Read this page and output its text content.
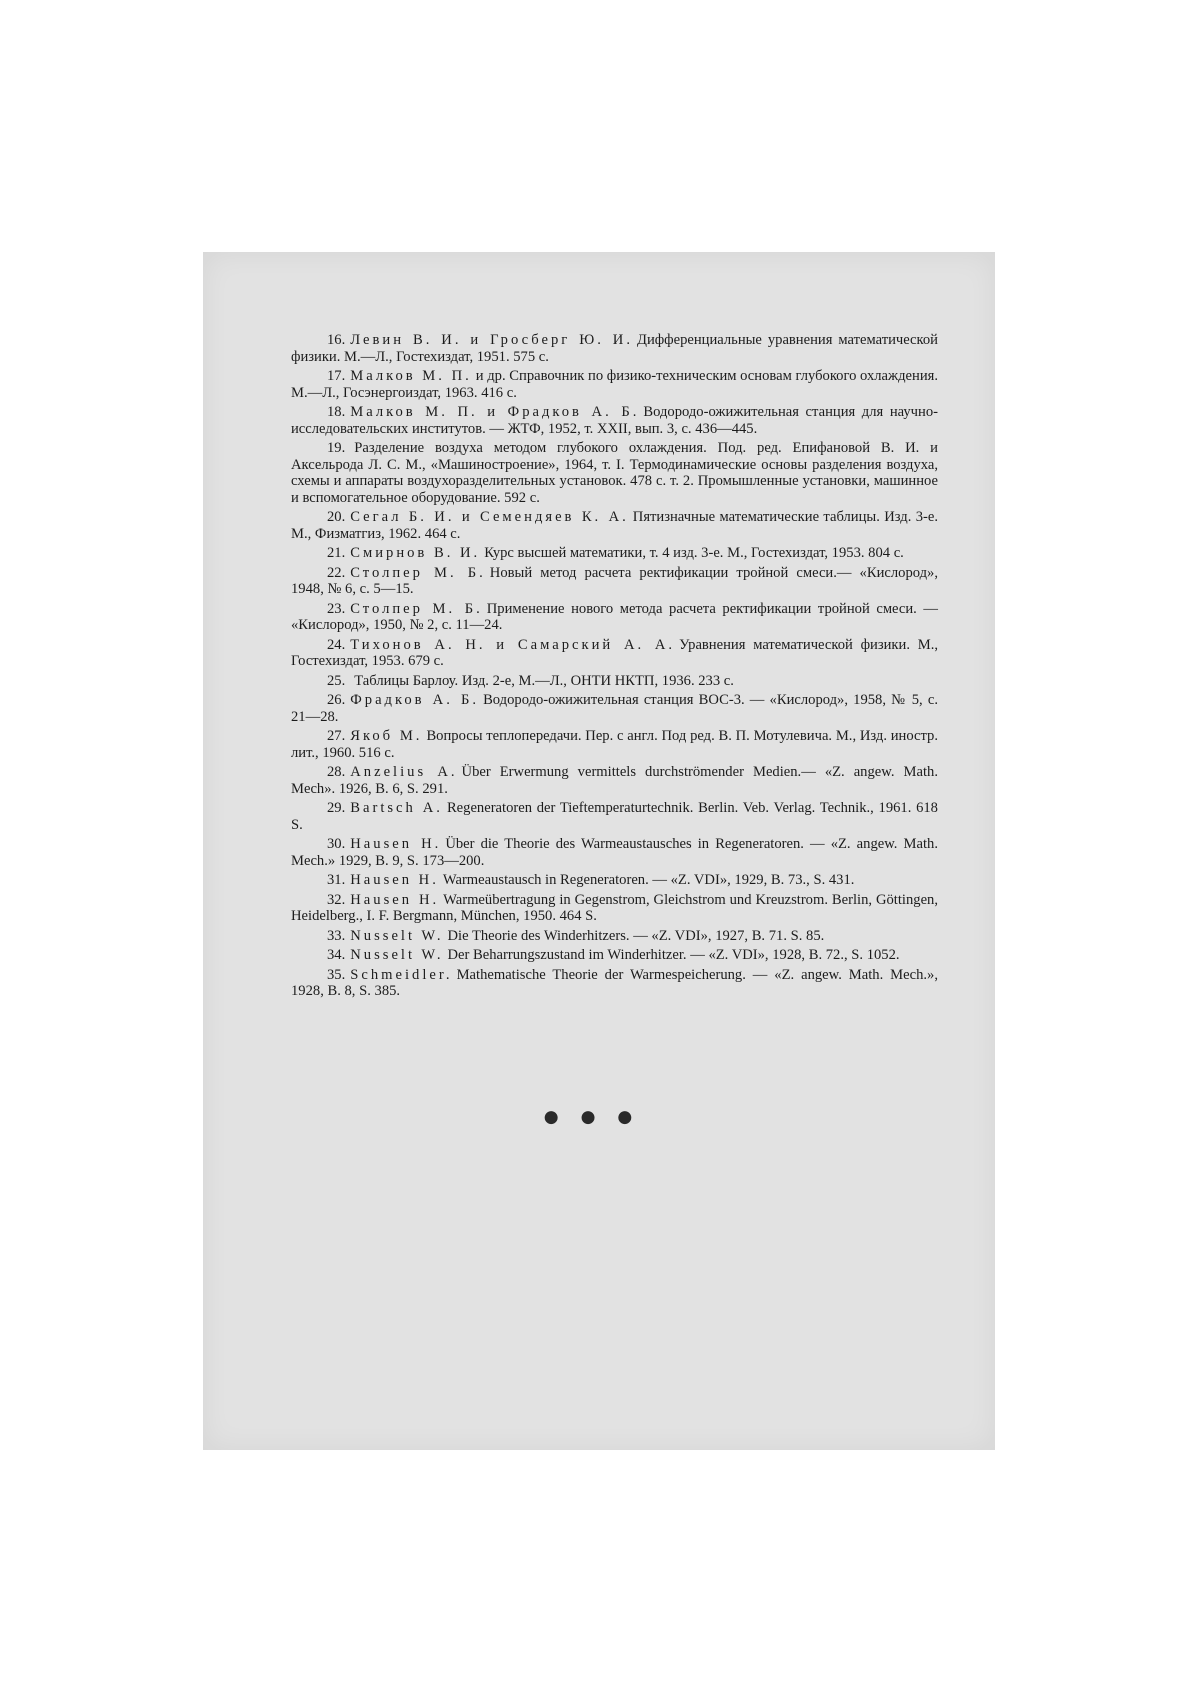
16. Левин В. И. и Гросберг Ю. И. Дифференциальные уравнения математической физики. М.—Л., Гостехиздат, 1951. 575 с.

17. Малков М. П. и др. Справочник по физико-техническим основам глубокого охлаждения. М.—Л., Госэнергоиздат, 1963. 416 с.

18. Малков М. П. и Фрадков А. Б. Водородо-ожижительная станция для научно-исследовательских институтов. — ЖТФ, 1952, т. XXII, вып. 3, с. 436—445.

19. Разделение воздуха методом глубокого охлаждения. Под. ред. Епифановой В. И. и Аксельрода Л. С. М., «Машиностроение», 1964, т. I. Термодинамические основы разделения воздуха, схемы и аппараты воздухоразделительных установок. 478 с. т. 2. Промышленные установки, машинное и вспомогательное оборудование. 592 с.

20. Сегал Б. И. и Семендяев К. А. Пятизначные математические таблицы. Изд. 3-е. М., Физматгиз, 1962. 464 с.

21. Смирнов В. И. Курс высшей математики, т. 4 изд. 3-е. М., Гостехиздат, 1953. 804 с.

22. Столпер М. Б. Новый метод расчета ректификации тройной смеси.— «Кислород», 1948, № 6, с. 5—15.

23. Столпер М. Б. Применение нового метода расчета ректификации тройной смеси. — «Кислород», 1950, № 2, с. 11—24.

24. Тихонов А. Н. и Самарский А. А. Уравнения математической физики. М., Гостехиздат, 1953. 679 с.

25. Таблицы Барлоу. Изд. 2-е, М.—Л., ОНТИ НКТП, 1936. 233 с.

26. Фрадков А. Б. Водородо-ожижительная станция ВОС-3. — «Кислород», 1958, № 5, с. 21—28.

27. Якоб М. Вопросы теплопередачи. Пер. с англ. Под ред. В. П. Мотулевича. М., Изд. иностр. лит., 1960. 516 с.

28. Anzelius A. Über Erwermung vermittels durchströmender Medien.— «Z. angew. Math. Mech». 1926, B. 6, S. 291.

29. Bartsch A. Regeneratoren der Tieftemperaturtechnik. Berlin. Veb. Verlag. Technik., 1961. 618 S.

30. Hausen H. Über die Theorie des Warmeaustausches in Regeneratoren. — «Z. angew. Math. Mech.» 1929, B. 9, S. 173—200.

31. Hausen H. Warmeaustausch in Regeneratoren. — «Z. VDI», 1929, B. 73., S. 431.

32. Hausen H. Warmeübertragung in Gegenstrom, Gleichstrom und Kreuzstrom. Berlin, Göttingen, Heidelberg., I. F. Bergmann, München, 1950. 464 S.

33. Nusselt W. Die Theorie des Winderhitzers. — «Z. VDI», 1927, B. 71. S. 85.

34. Nusselt W. Der Beharrungszustand im Winderhitzer. — «Z. VDI», 1928, B. 72., S. 1052.

35. Schmeidler. Mathematische Theorie der Warmespeicherung. — «Z. angew. Math. Mech.», 1928, B. 8, S. 385.

●●●
